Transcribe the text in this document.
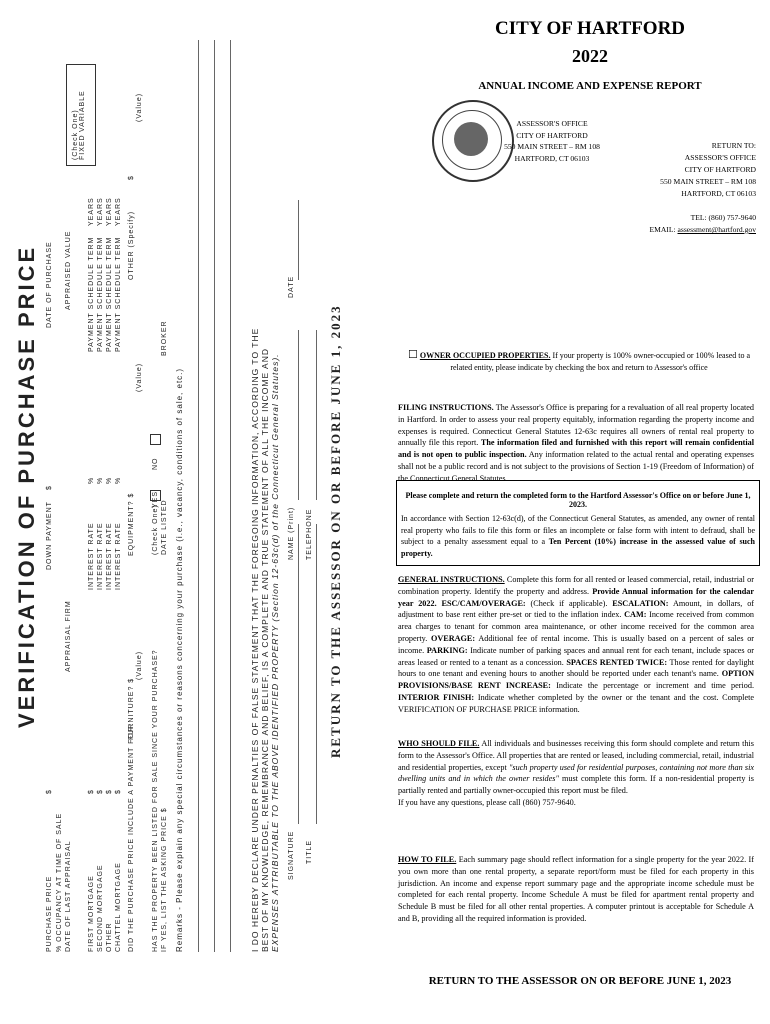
VERIFICATION OF PURCHASE PRICE
PURCHASE PRICE
$
DOWN PAYMENT
$
DATE OF PURCHASE
% OCCUPANCY AT TIME OF SALE DATE OF LAST APPRAISAL
APPRAISAL FIRM
APPRAISED VALUE
(Check One) FIXED
VARIABLE
FIRST MORTGAGE SECOND MORTGAGE OTHER CHATTEL MORTGAGE
$ $ $ $
INTEREST RATE INTEREST RATE INTEREST RATE INTEREST RATE
% % % %
PAYMENT SCHEDULE TERM PAYMENT SCHEDULE TERM PAYMENT SCHEDULE TERM PAYMENT SCHEDULE TERM
YEARS YEARS YEARS YEARS
DID THE PURCHASE PRICE INCLUDE A PAYMENT FOR:
FURNITURE? $
EQUIPMENT? $
OTHER (Specify)
$
(Value)
(Value)
(Value)
HAS THE PROPERTY BEEN LISTED FOR SALE SINCE YOUR PURCHASE?
(Check One)
YES
NO
IF YES, LIST THE ASKING PRICE $
DATE LISTED
BROKER
Remarks - Please explain any special circumstances or reasons concerning your purchase (i.e., vacancy, conditions of sale, etc.)	I DO HEREBY DECLARE UNDER PENALTIES OF FALSE STATEMENT THAT THE FOREGOING INFORMATION, ACCORDING TO THE BEST OF MY KNOWLEDGE, REMEMBRANCE AND BELIEF, IS A COMPLETE AND TRUE STATEMENT OF ALL THE INCOME AND EXPENSES ATTRIBUTABLE TO THE ABOVE IDENTIFIED PROPERTY (Section 12-63c(d) of the Connecticut General Statutes). SIGNATURE
NAME (Print)
DATE
TITLE
TELEPHONE RETURN TO THE ASSESSOR ON OR BEFORE JUNE 1, 2023
CITY OF HARTFORD
2022
ANNUAL INCOME AND EXPENSE REPORT
ASSESSOR'S OFFICE
CITY OF HARTFORD
550 MAIN STREET – RM 108
HARTFORD, CT 06103
RETURN TO:
ASSESSOR'S OFFICE
CITY OF HARTFORD
550 MAIN STREET – RM 108
HARTFORD, CT 06103
TEL: (860) 757-9640
EMAIL: assessment@hartford.gov
☐ OWNER OCCUPIED PROPERTIES. If your property is 100% owner-occupied or 100% leased to a related entity, please indicate by checking the box and return to Assessor's office
FILING INSTRUCTIONS. The Assessor's Office is preparing for a revaluation of all real property located in Hartford. In order to assess your real property equitably, information regarding the property income and expenses is required. Connecticut General Statutes 12-63c requires all owners of rental real property to annually file this report. The information filed and furnished with this report will remain confidential and is not open to public inspection. Any information related to the actual rental and operating expenses shall not be a public record and is not subject to the provisions of Section 1-19 (Freedom of Information) of the Connecticut General Statutes.
Please complete and return the completed form to the Hartford Assessor's Office on or before June 1, 2023.
In accordance with Section 12-63c(d), of the Connecticut General Statutes, as amended, any owner of rental real property who fails to file this form or files an incomplete or false form with intent to defraud, shall be subject to a penalty assessment equal to a Ten Percent (10%) increase in the assessed value of such property.
GENERAL INSTRUCTIONS. Complete this form for all rented or leased commercial, retail, industrial or combination property. Identify the property and address. Provide Annual information for the calendar year 2022. ESC/CAM/OVERAGE: (Check if applicable). ESCALATION: Amount, in dollars, of adjustment to base rent either pre-set or tied to the inflation index. CAM: Income received from common area charges to tenant for common area maintenance, or other income received for the common area property. OVERAGE: Additional fee of rental income. This is usually based on a percent of sales or income. PARKING: Indicate number of parking spaces and annual rent for each tenant, include spaces or areas leased or rented to a tenant as a concession. SPACES RENTED TWICE: Those rented for daylight hours to one tenant and evening hours to another should be reported under each tenant's name. OPTION PROVISIONS/BASE RENT INCREASE: Indicate the percentage or increment and time period. INTERIOR FINISH: Indicate whether completed by the owner or the tenant and the cost. Complete VERIFICATION OF PURCHASE PRICE information.
WHO SHOULD FILE. All individuals and businesses receiving this form should complete and return this form to the Assessor's Office. All properties that are rented or leased, including commercial, retail, industrial and residential properties, except "such property used for residential purposes, containing not more than six dwelling units and in which the owner resides" must complete this form. If a non-residential property is partially rented and partially owner-occupied this report must be filed.
If you have any questions, please call (860) 757-9640.
HOW TO FILE. Each summary page should reflect information for a single property for the year 2022. If you own more than one rental property, a separate report/form must be filed for each property in this jurisdiction. An income and expense report summary page and the appropriate income schedule must be completed for each rental property. Income Schedule A must be filed for apartment rental property and Schedule B must be filed for all other rental properties. A computer printout is acceptable for Schedule A and B, providing all the required information is provided.
RETURN TO THE ASSESSOR ON OR BEFORE JUNE 1, 2023
